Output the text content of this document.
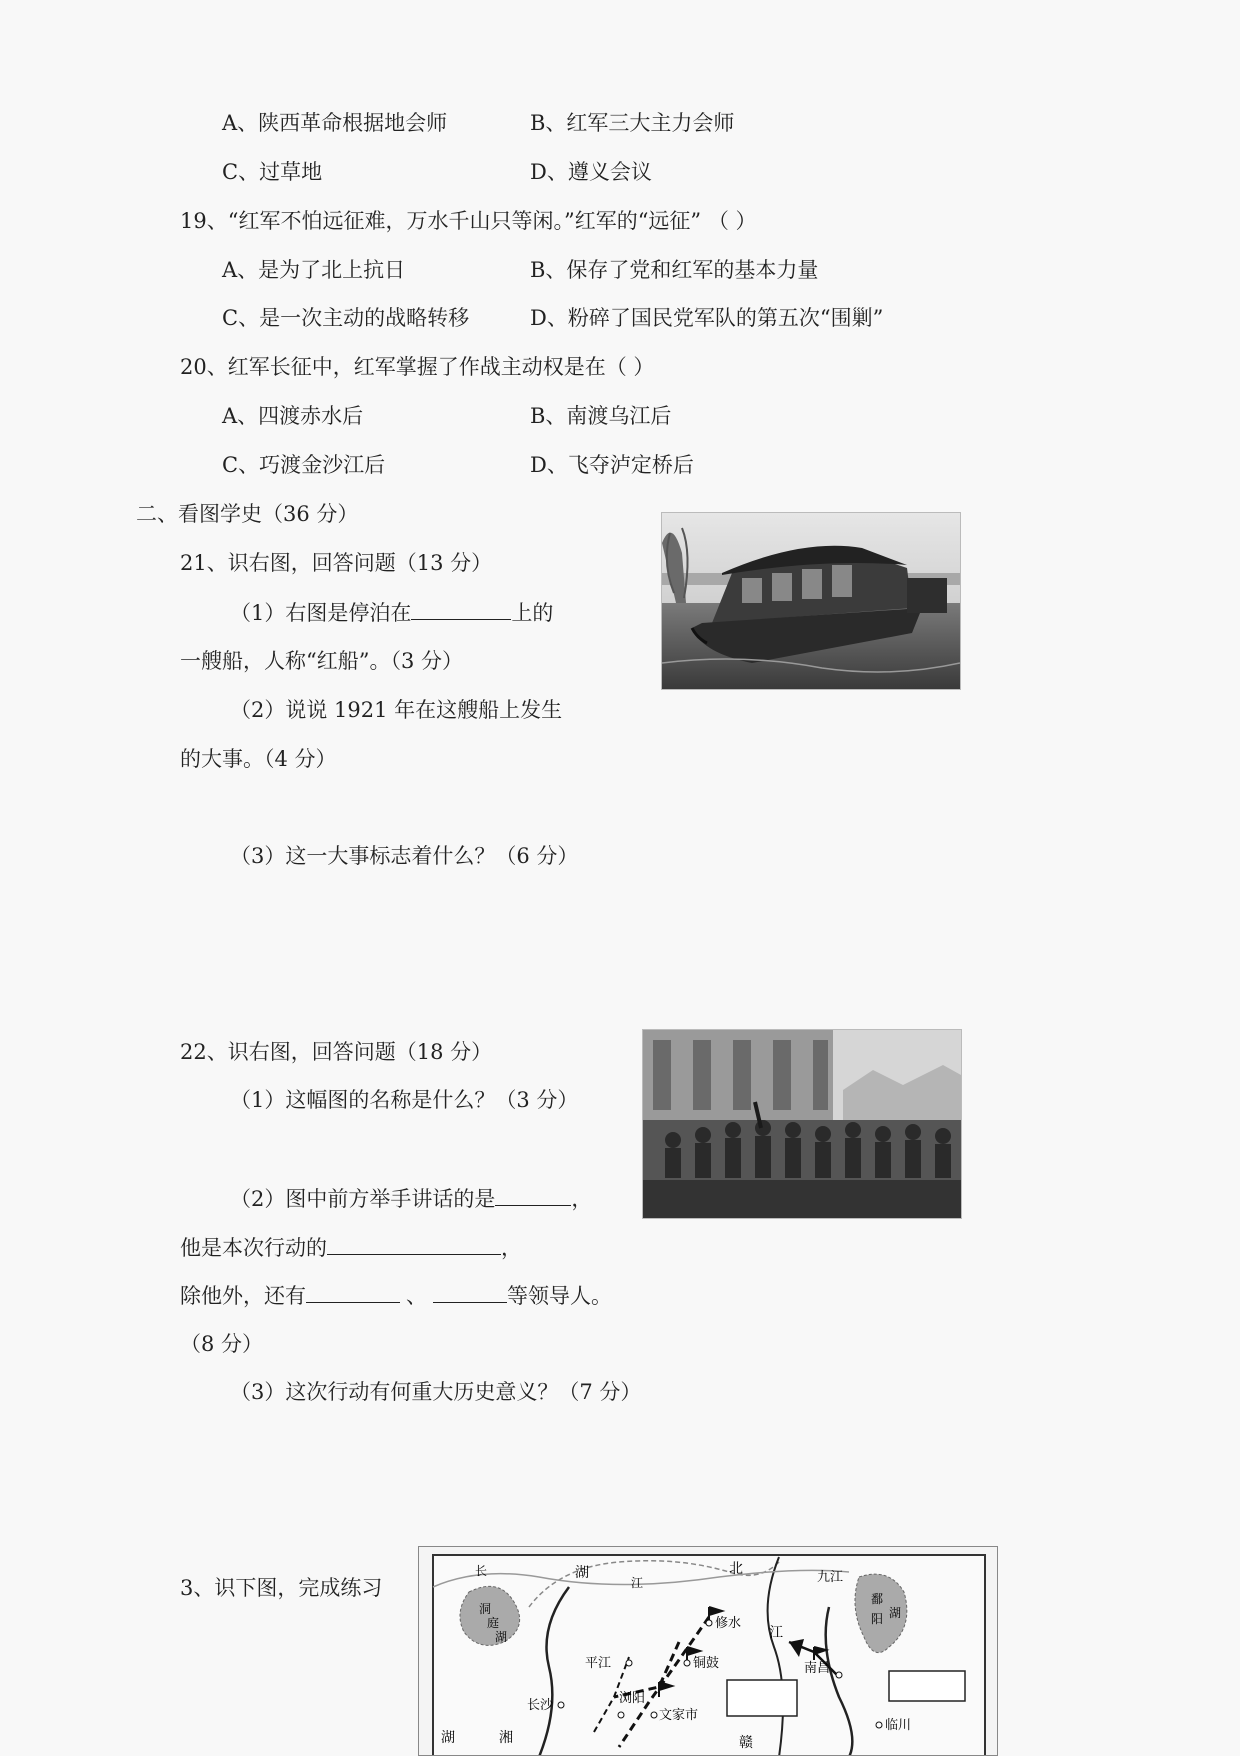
A、陕西革命根据地会师	B、红军三大主力会师
C、过草地	D、遵义会议
19、“红军不怕远征难，万水千山只等闲。”红军的“远征” （ ）
A、是为了北上抗日	B、保存了党和红军的基本力量
C、是一次主动的战略转移	D、粉碎了国民党军队的第五次“围剿”
20、红军长征中，红军掌握了作战主动权是在（ ）
A、四渡赤水后	B、南渡乌江后
C、巧渡金沙江后	D、飞夺泸定桥后
二、看图学史（36 分）
21、识右图，回答问题（13 分）
（1）右图是停泊在	上的
一艘船，人称“红船”。（3 分）
（2）说说 1921 年在这艘船上发生
的大事。（4 分）
（3）这一大事标志着什么？（6 分）
22、识右图，回答问题（18 分）
（1）这幅图的名称是什么？（3 分）
（2）图中前方举手讲话的是	，
他是本次行动的	，
除他外，还有	、	等领导人。
（8 分）
（3）这次行动有何重大历史意义？（7 分）
3、识下图，完成练习
湖	北
九江
修水
平江	铜鼓	南昌
浏阳
长沙
文家市
临川
江
湖	湘	赣
洞
庭
湖
鄱
阳 湖
长
江
